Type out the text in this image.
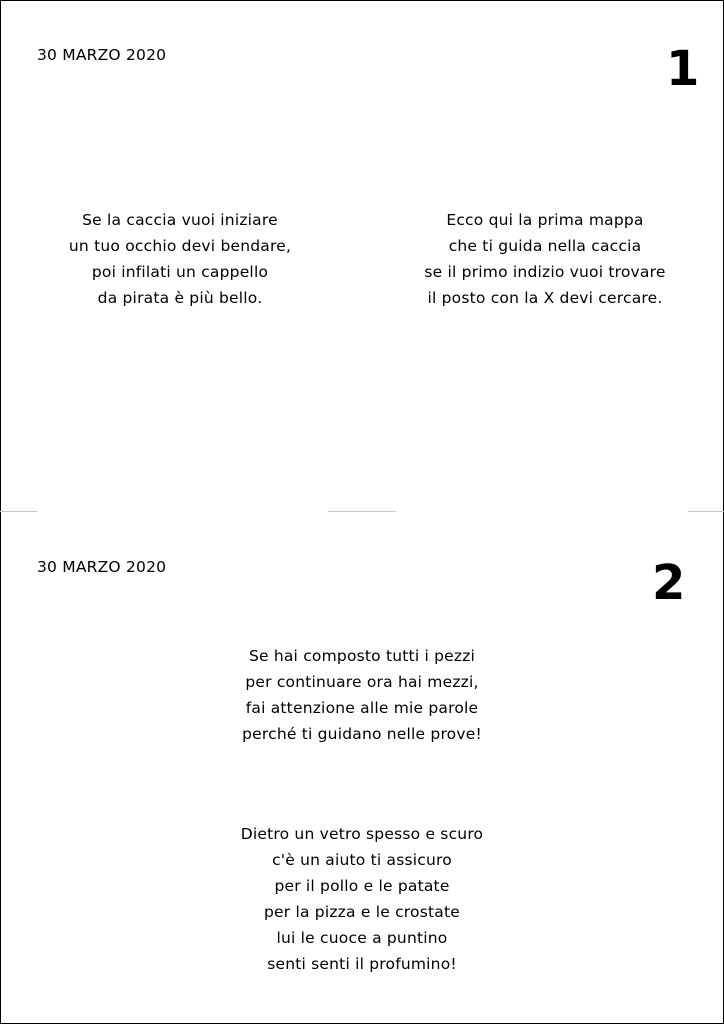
30 MARZO 2020	1
Se la caccia vuoi iniziare
un tuo occhio devi bendare,
poi infilati un cappello
da pirata è più bello.
Ecco qui la prima mappa
che ti guida nella caccia
se il primo indizio vuoi trovare
il posto con la X devi cercare.
30 MARZO 2020	2
Se hai composto tutti i pezzi
per continuare ora hai mezzi,
fai attenzione alle mie parole
perché ti guidano nelle prove!
Dietro un vetro spesso e scuro
c'è un aiuto ti assicuro
per il pollo e le patate
per la pizza e le crostate
lui le cuoce a puntino
senti senti il profumino!
